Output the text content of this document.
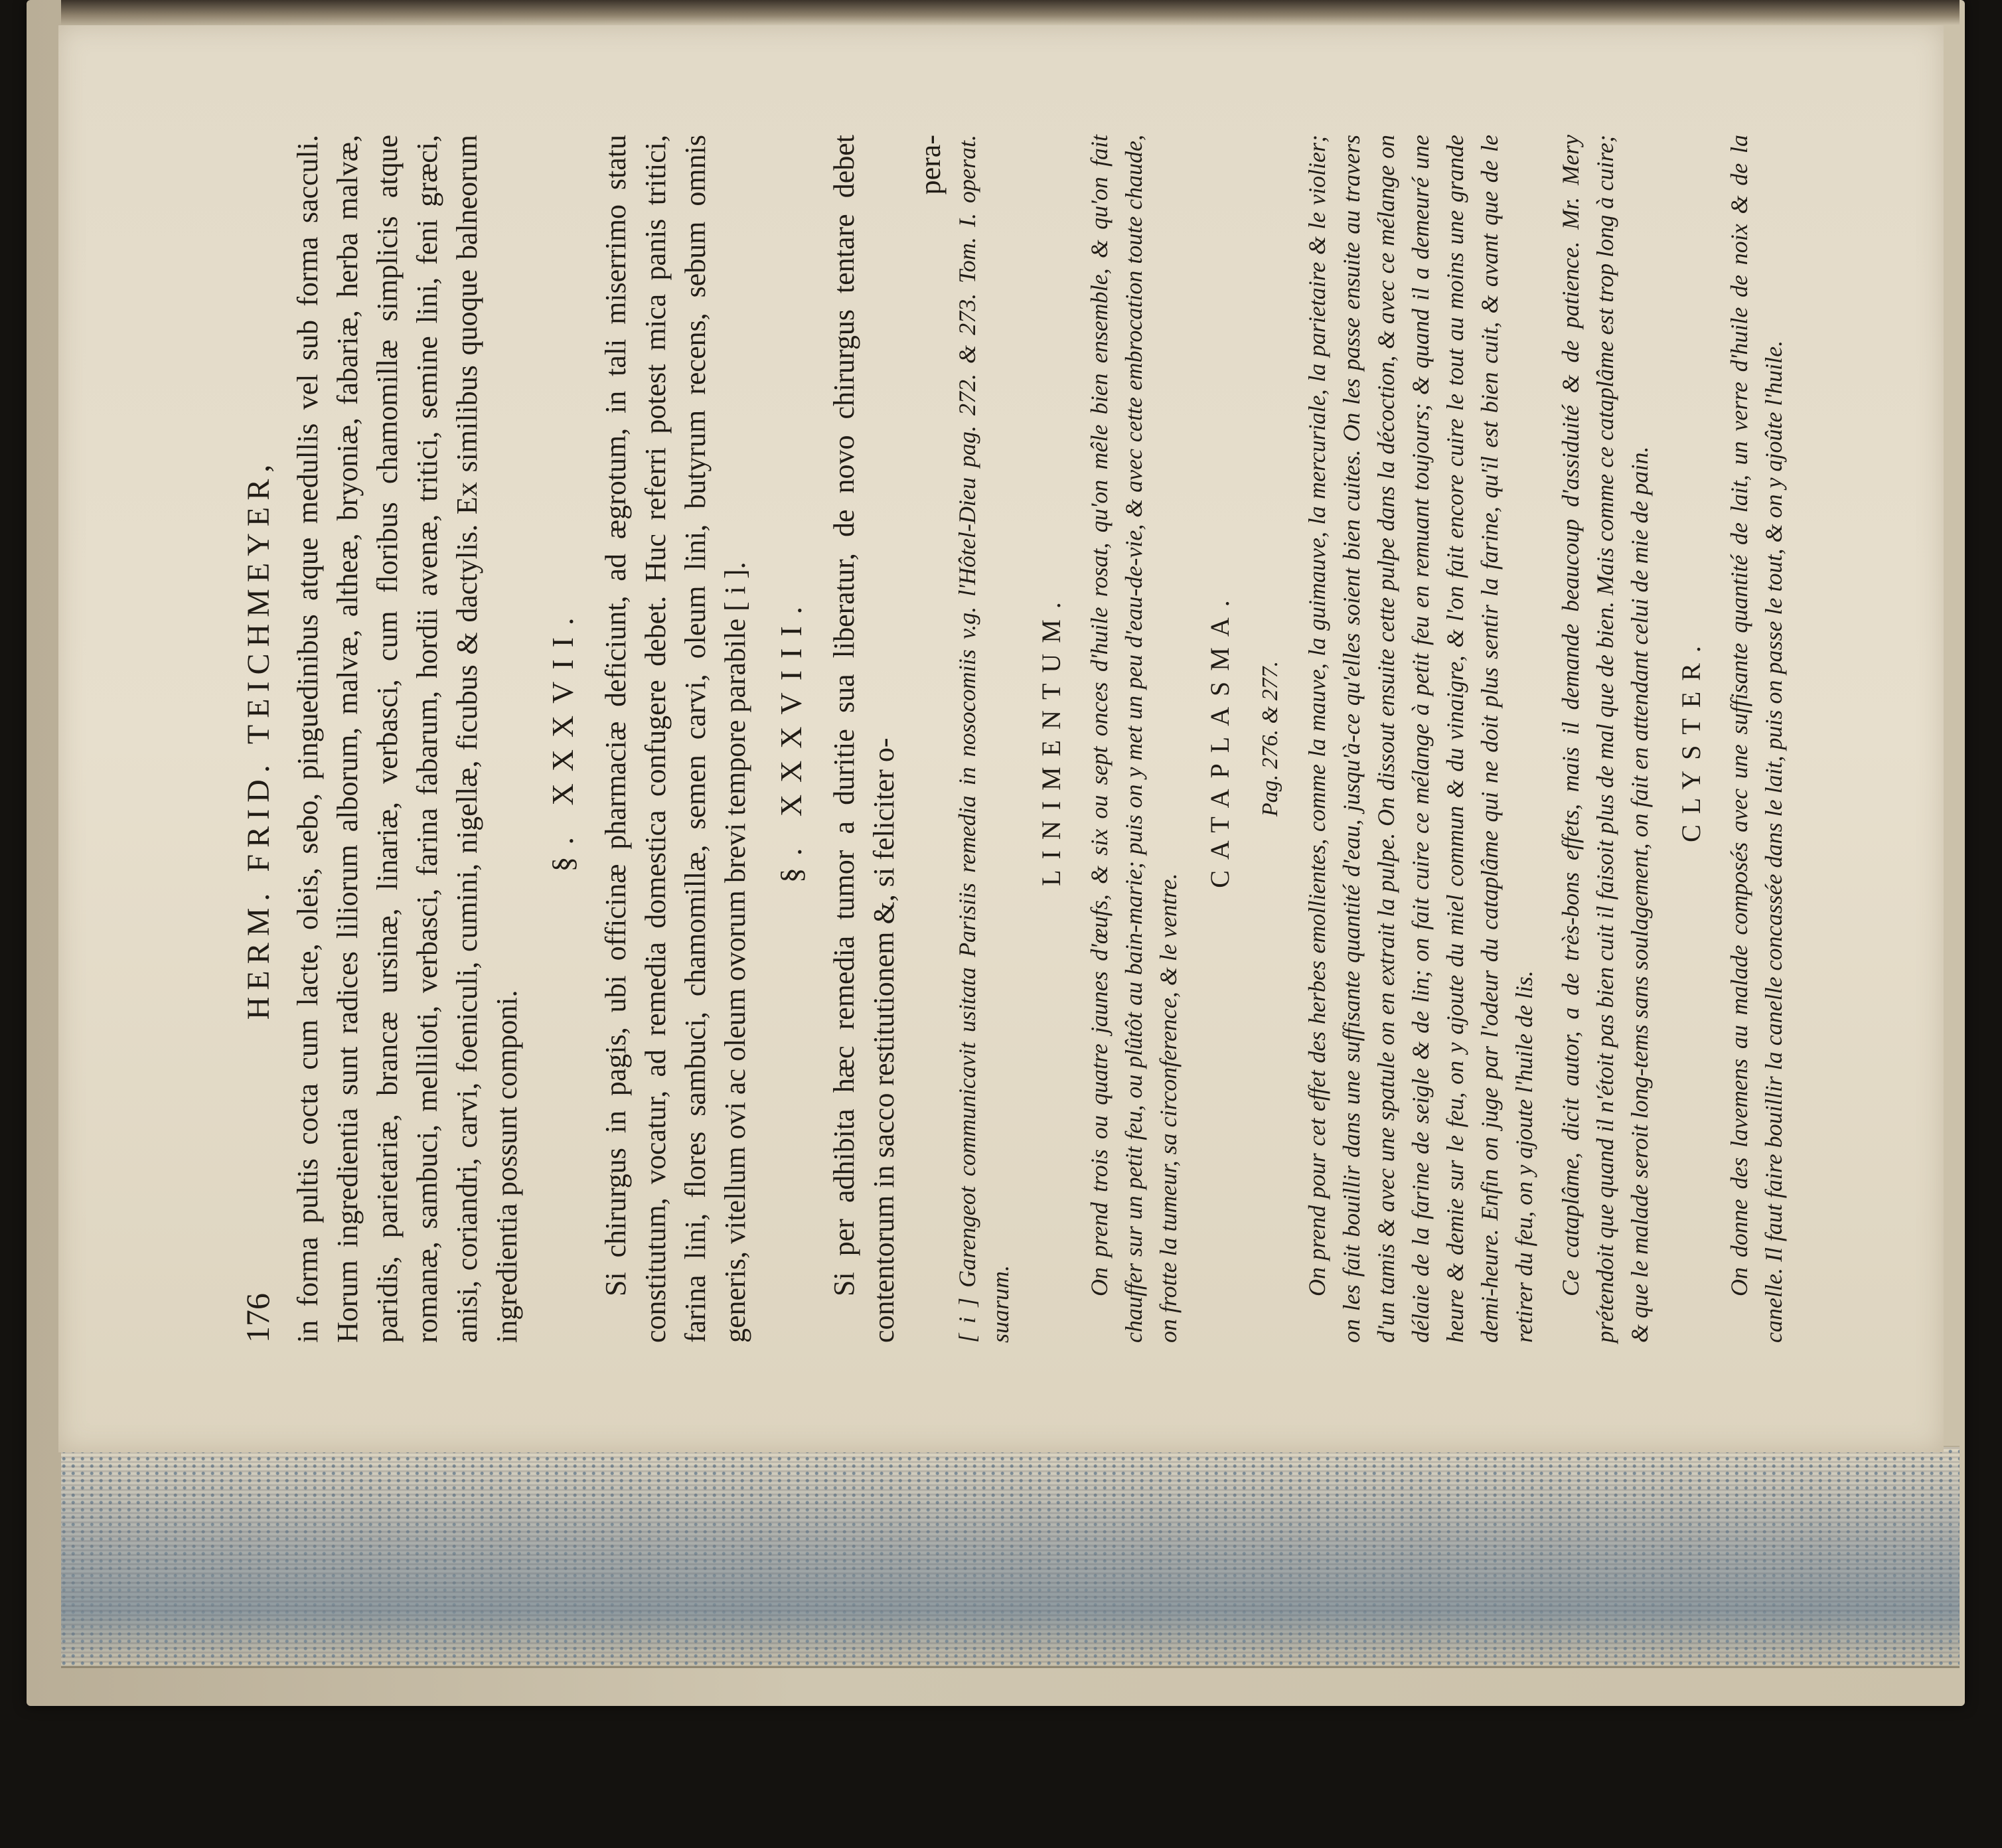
176
HERM. FRID. TEICHMEYER, in forma pultis cocta cum lacte, oleis, sebo, pinguedinibus atque medullis vel sub forma sacculi. Horum ingredientia sunt radices liliorum alborum, malvæ, altheæ, bryoniæ, fabariæ, herba malvæ, paridis, parietariæ, brancæ ursinæ, linariæ, verbasci, cum floribus chamomillæ simplicis atque romanæ, sambuci, melliloti, verbasci, farina fabarum, hordii avenæ, tritici, semine lini, feni græci, anisi, coriandri, carvi, foeniculi, cumini, nigellæ, ficubus & dactylis. Ex similibus quoque balneorum ingredientia possunt componi.

§. XXXVII. Si chirurgus in pagis, ubi officinæ pharmaciæ deficiunt, ad ægrotum, in tali miserrimo statu constitutum, vocatur, ad remedia domestica confugere debet. Huc referri potest mica panis tritici, farina lini, flores sambuci, chamomillæ, semen carvi, oleum lini, butyrum recens, sebum omnis generis, vitellum ovi ac oleum ovorum brevi tempore parabile [ i ]. §. XXXVIII. Si per adhibita hæc remedia tumor a duritie sua liberatur, de novo chirurgus tentare debet contentorum in sacco restitutionem &, si feliciter o-

pera- [ i ] Garengeot communicavit usitata Parisiis remedia in nosocomiis v.g. l'Hôtel-Dieu pag. 272. & 273. Tom. I. operat. suarum.

LINIMENTUM. On prend trois ou quatre jaunes d'œufs, & six ou sept onces d'huile rosat, qu'on mêle bien ensemble, & qu'on fait chauffer sur un petit feu, ou plûtôt au bain-marie; puis on y met un peu d'eau-de-vie, & avec cette embrocation toute chaude, on frotte la tumeur, sa circonference, & le ventre.

CATAPLASMA.	Pag. 276. & 277. On prend pour cet effet des herbes emollientes, comme la mauve, la guimauve, la mercuriale, la parietaire & le violier; on les fait bouillir dans une suffisante quantité d'eau, jusqu'à-ce qu'elles soient bien cuites. On les passe ensuite au travers d'un tamis & avec une spatule on en extrait la pulpe. On dissout ensuite cette pulpe dans la décoction, & avec ce mélange on délaie de la farine de seigle & de lin; on fait cuire ce mélange à petit feu en remuant toujours; & quand il a demeuré une heure & demie sur le feu, on y ajoute du miel commun & du vinaigre, & l'on fait encore cuire le tout au moins une grande demi-heure. Enfin on juge par l'odeur du cataplâme qui ne doit plus sentir la farine, qu'il est bien cuit, & avant que de le retirer du feu, on y ajoute l'huile de lis. Ce cataplâme, dicit autor, a de très-bons effets, mais il demande beaucoup d'assiduité & de patience. Mr. Mery prétendoit que quand il n'étoit pas bien cuit il faisoit plus de mal que de bien. Mais comme ce cataplâme est trop long à cuire; & que le malade seroit long-tems sans soulagement, on fait en attendant celui de mie de pain. CLYSTER. On donne des lavemens au malade composés avec une suffisante quantité de lait, un verre d'huile de noix & de la canelle. Il faut faire bouillir la canelle concassée dans le lait, puis on passe le tout, & on y ajoûte l'huile.
